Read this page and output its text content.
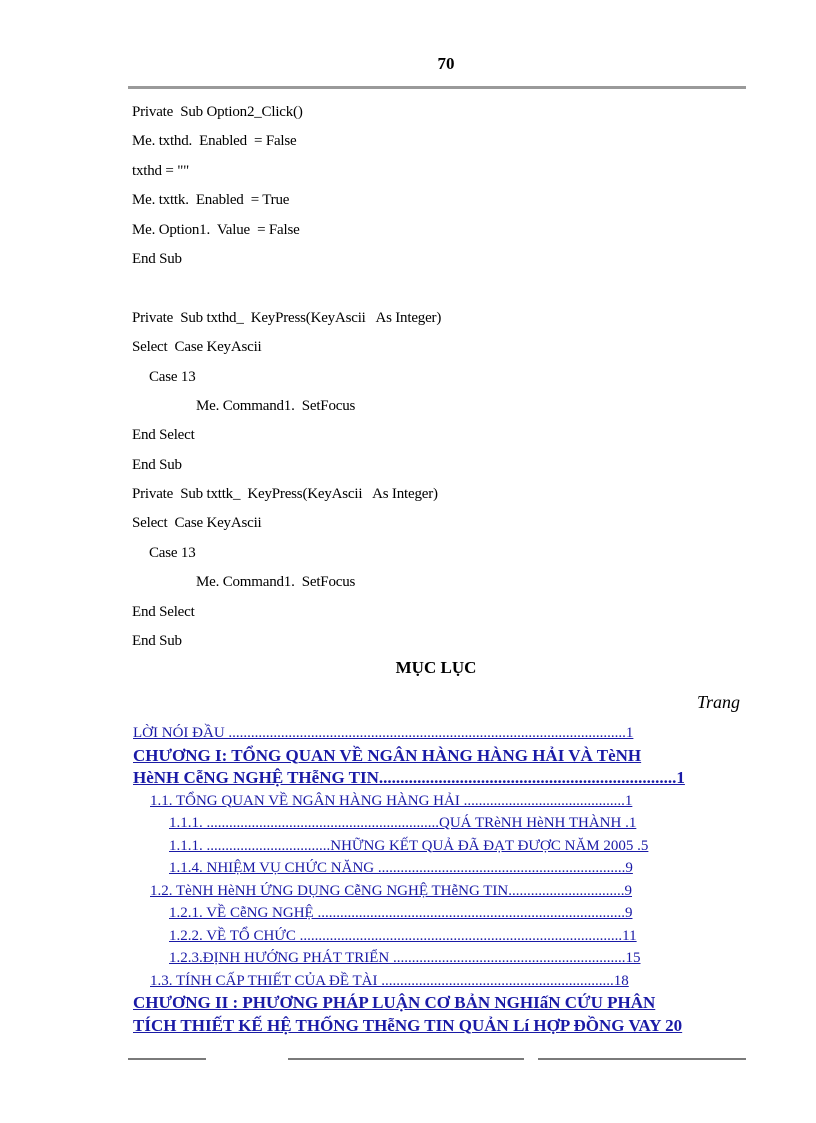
70
Private  Sub Option2_Click()
Me. txthd.  Enabled  = False
txthd = ""
Me. txttk.  Enabled  = True
Me. Option1.  Value  = False
End Sub
Private  Sub txthd_  KeyPress(KeyAscii   As Integer)
Select  Case KeyAscii
Case 13
Me. Command1.  SetFocus
End Select
End Sub
Private  Sub txttk_  KeyPress(KeyAscii   As Integer)
Select  Case KeyAscii
Case 13
Me. Command1.  SetFocus
End Select
End Sub
MỤC LỤC
Trang
LỜI NÓI ĐẦU ..........................................................................................................1
CHƯƠNG I: TỔNG QUAN VỀ NGÂN HÀNG HÀNG HẢI VÀ TèNH
HèNH CễNG NGHỆ THễNG TIN......................................................................1
1.1. TỔNG QUAN VỀ NGÂN HÀNG HÀNG HẢI ...........................................1
1.1.1. ..............................................................QUÁ TRèNH HèNH THÀNH .1
1.1.1. .................................NHỮNG KẾT QUẢ ĐÃ ĐẠT ĐƯỢC NĂM 2005 .5
1.1.4. NHIỆM VỤ CHỨC NĂNG ..................................................................9
1.2. TèNH HèNH ỨNG DỤNG CễNG NGHỆ THễNG TIN...............................9
1.2.1. VỀ CễNG NGHỆ ..................................................................................9
1.2.2. VỀ TỔ CHỨC ......................................................................................11
1.2.3.ĐỊNH HƯỚNG PHÁT TRIỂN ..............................................................15
1.3. TÍNH CẤP THIẾT CỦA ĐỀ TÀI ..............................................................18
CHƯƠNG II : PHƯƠNG PHÁP LUẬN CƠ BẢN NGHIấN CỨU PHÂN
TÍCH THIẾT KẾ HỆ THỐNG THễNG TIN QUẢN Lí HỢP ĐỒNG VAY 20
